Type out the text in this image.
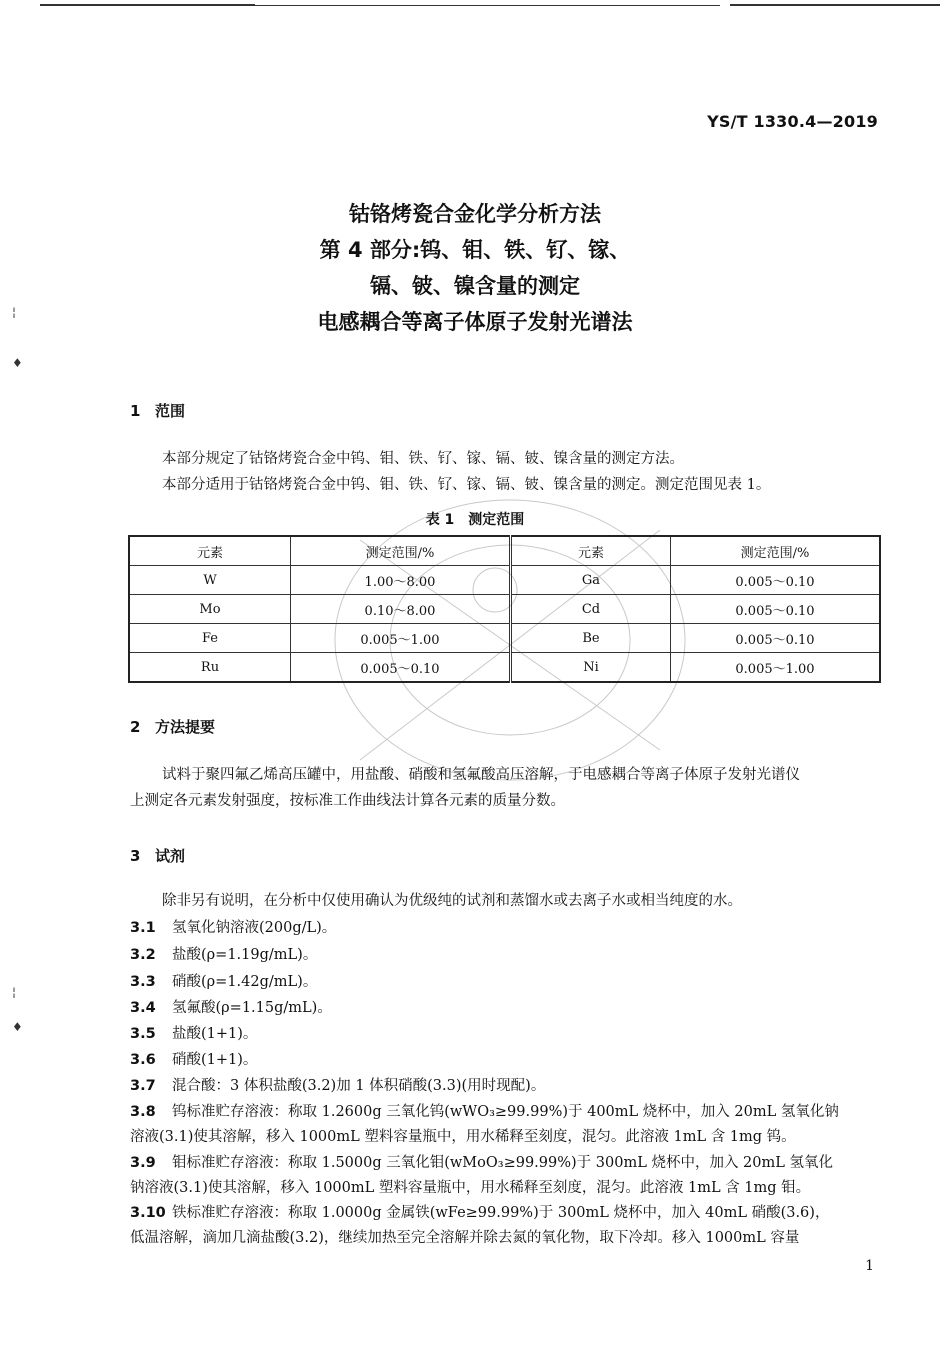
¦
♦
¦
♦
YS/T 1330.4—2019
钴铬烤瓷合金化学分析方法
第 4 部分:钨、钼、铁、钌、镓、
镉、铍、镍含量的测定
电感耦合等离子体原子发射光谱法
1 范围
本部分规定了钴铬烤瓷合金中钨、钼、铁、钌、镓、镉、铍、镍含量的测定方法。
本部分适用于钴铬烤瓷合金中钨、钼、铁、钌、镓、镉、铍、镍含量的测定。测定范围见表 1。
表 1　测定范围
元素	测定范围/%	元素	测定范围/%
W	1.00～8.00	Ga	0.005～0.10
Mo	0.10～8.00	Cd	0.005～0.10
Fe	0.005～1.00	Be	0.005～0.10
Ru	0.005～0.10	Ni	0.005～1.00
2 方法提要
试料于聚四氟乙烯高压罐中，用盐酸、硝酸和氢氟酸高压溶解，于电感耦合等离子体原子发射光谱仪
上测定各元素发射强度，按标准工作曲线法计算各元素的质量分数。
3 试剂
除非另有说明，在分析中仅使用确认为优级纯的试剂和蒸馏水或去离子水或相当纯度的水。
3.1 氢氧化钠溶液(200g/L)。
3.2 盐酸(ρ=1.19g/mL)。
3.3 硝酸(ρ=1.42g/mL)。
3.4 氢氟酸(ρ=1.15g/mL)。
3.5 盐酸(1+1)。
3.6 硝酸(1+1)。
3.7 混合酸：3 体积盐酸(3.2)加 1 体积硝酸(3.3)(用时现配)。
3.8 钨标准贮存溶液：称取 1.2600g 三氧化钨(wWO₃≥99.99%)于 400mL 烧杯中，加入 20mL 氢氧化钠
溶液(3.1)使其溶解，移入 1000mL 塑料容量瓶中，用水稀释至刻度，混匀。此溶液 1mL 含 1mg 钨。
3.9 钼标准贮存溶液：称取 1.5000g 三氧化钼(wMoO₃≥99.99%)于 300mL 烧杯中，加入 20mL 氢氧化
钠溶液(3.1)使其溶解，移入 1000mL 塑料容量瓶中，用水稀释至刻度，混匀。此溶液 1mL 含 1mg 钼。
3.10 铁标准贮存溶液：称取 1.0000g 金属铁(wFe≥99.99%)于 300mL 烧杯中，加入 40mL 硝酸(3.6)，
低温溶解，滴加几滴盐酸(3.2)，继续加热至完全溶解并除去氮的氧化物，取下冷却。移入 1000mL 容量
1
